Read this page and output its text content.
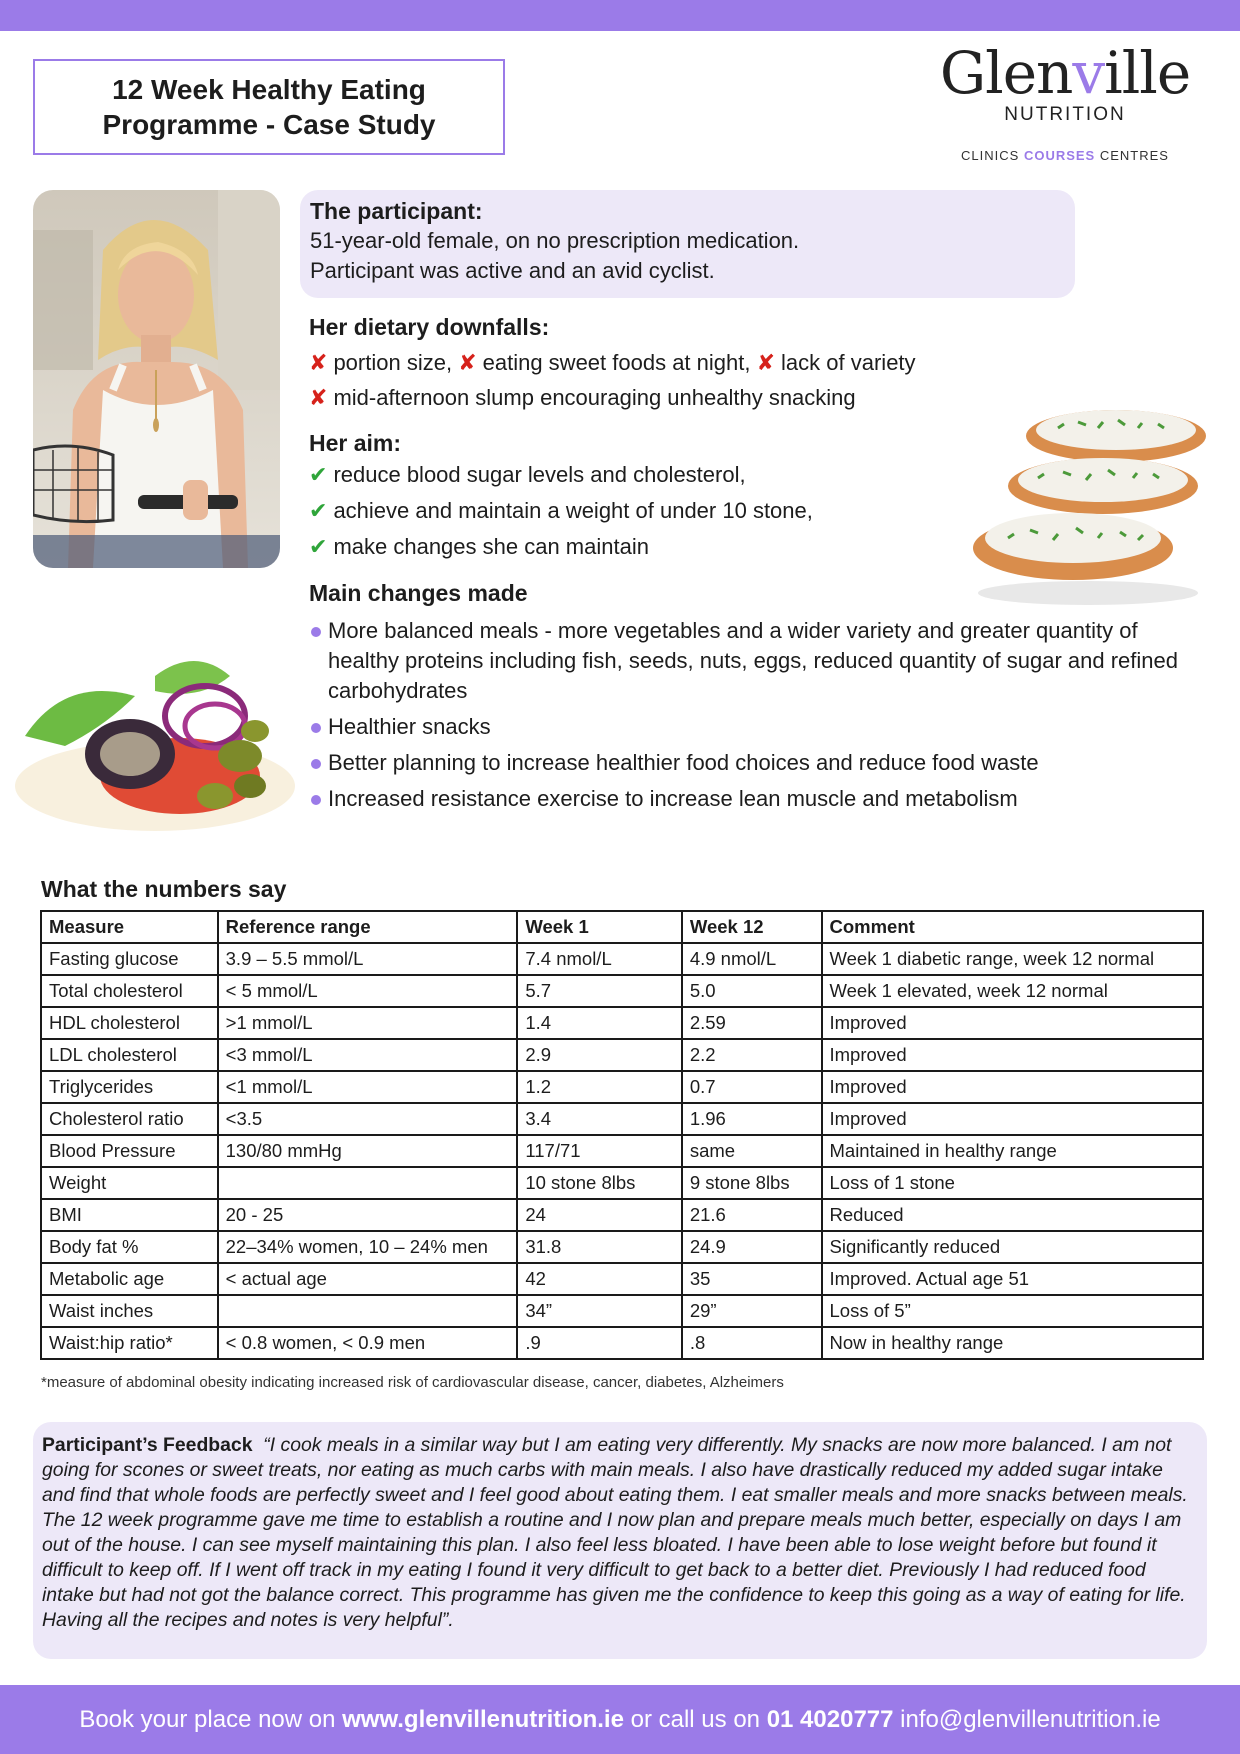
12 Week Healthy Eating
Programme - Case Study
Glenville
NUTRITION
CLINICS COURSES CENTRES
The participant:
51-year-old female, on no prescription medication.
Participant was active and an avid cyclist.
Her dietary downfalls:
✘ portion size, ✘ eating sweet foods at night, ✘ lack of variety
✘ mid-afternoon slump encouraging unhealthy snacking
Her aim:
✔ reduce blood sugar levels and cholesterol,
✔ achieve and maintain a weight of under 10 stone,
✔ make changes she can maintain
Main changes made
More balanced meals - more vegetables and a wider variety and greater quantity of healthy proteins including fish, seeds, nuts, eggs, reduced quantity of sugar and refined carbohydrates
Healthier snacks
Better planning to increase healthier food choices and reduce food waste
Increased resistance exercise to increase lean muscle and metabolism
What the numbers say
Measure	Reference range	Week 1	Week 12	Comment
Fasting glucose	3.9 – 5.5 mmol/L	7.4 nmol/L	4.9 nmol/L	Week 1 diabetic range, week 12 normal
Total cholesterol	< 5 mmol/L	5.7	5.0	Week 1 elevated, week 12 normal
HDL cholesterol	>1 mmol/L	1.4	2.59	Improved
LDL cholesterol	<3 mmol/L	2.9	2.2	Improved
Triglycerides	<1 mmol/L	1.2	0.7	Improved
Cholesterol ratio	<3.5	3.4	1.96	Improved
Blood Pressure	130/80 mmHg	117/71	same	Maintained in healthy range
Weight		10 stone 8lbs	9 stone 8lbs	Loss of 1 stone
BMI	20 - 25	24	21.6	Reduced
Body fat %	22–34% women, 10 – 24% men	31.8	24.9	Significantly reduced
Metabolic age	< actual age	42	35	Improved. Actual age 51
Waist inches		34”	29”	Loss of 5”
Waist:hip ratio*	< 0.8 women, < 0.9 men	.9	.8	Now in healthy range
*measure of abdominal obesity indicating increased risk of cardiovascular disease, cancer, diabetes, Alzheimers
Participant’s Feedback “I cook meals in a similar way but I am eating very differently. My snacks are now more balanced. I am not going for scones or sweet treats, nor eating as much carbs with main meals. I also have drastically reduced my added sugar intake and find that whole foods are perfectly sweet and I feel good about eating them. I eat smaller meals and more snacks between meals. The 12 week programme gave me time to establish a routine and I now plan and prepare meals much better, especially on days I am out of the house. I can see myself maintaining this plan. I also feel less bloated. I have been able to lose weight before but found it difficult to keep off. If I went off track in my eating I found it very difficult to get back to a better diet. Previously I had reduced food intake but had not got the balance correct. This programme has given me the confidence to keep this going as a way of eating for life. Having all the recipes and notes is very helpful”.
Book your place now on www.glenvillenutrition.ie or call us on 01 4020777 info@glenvillenutrition.ie
